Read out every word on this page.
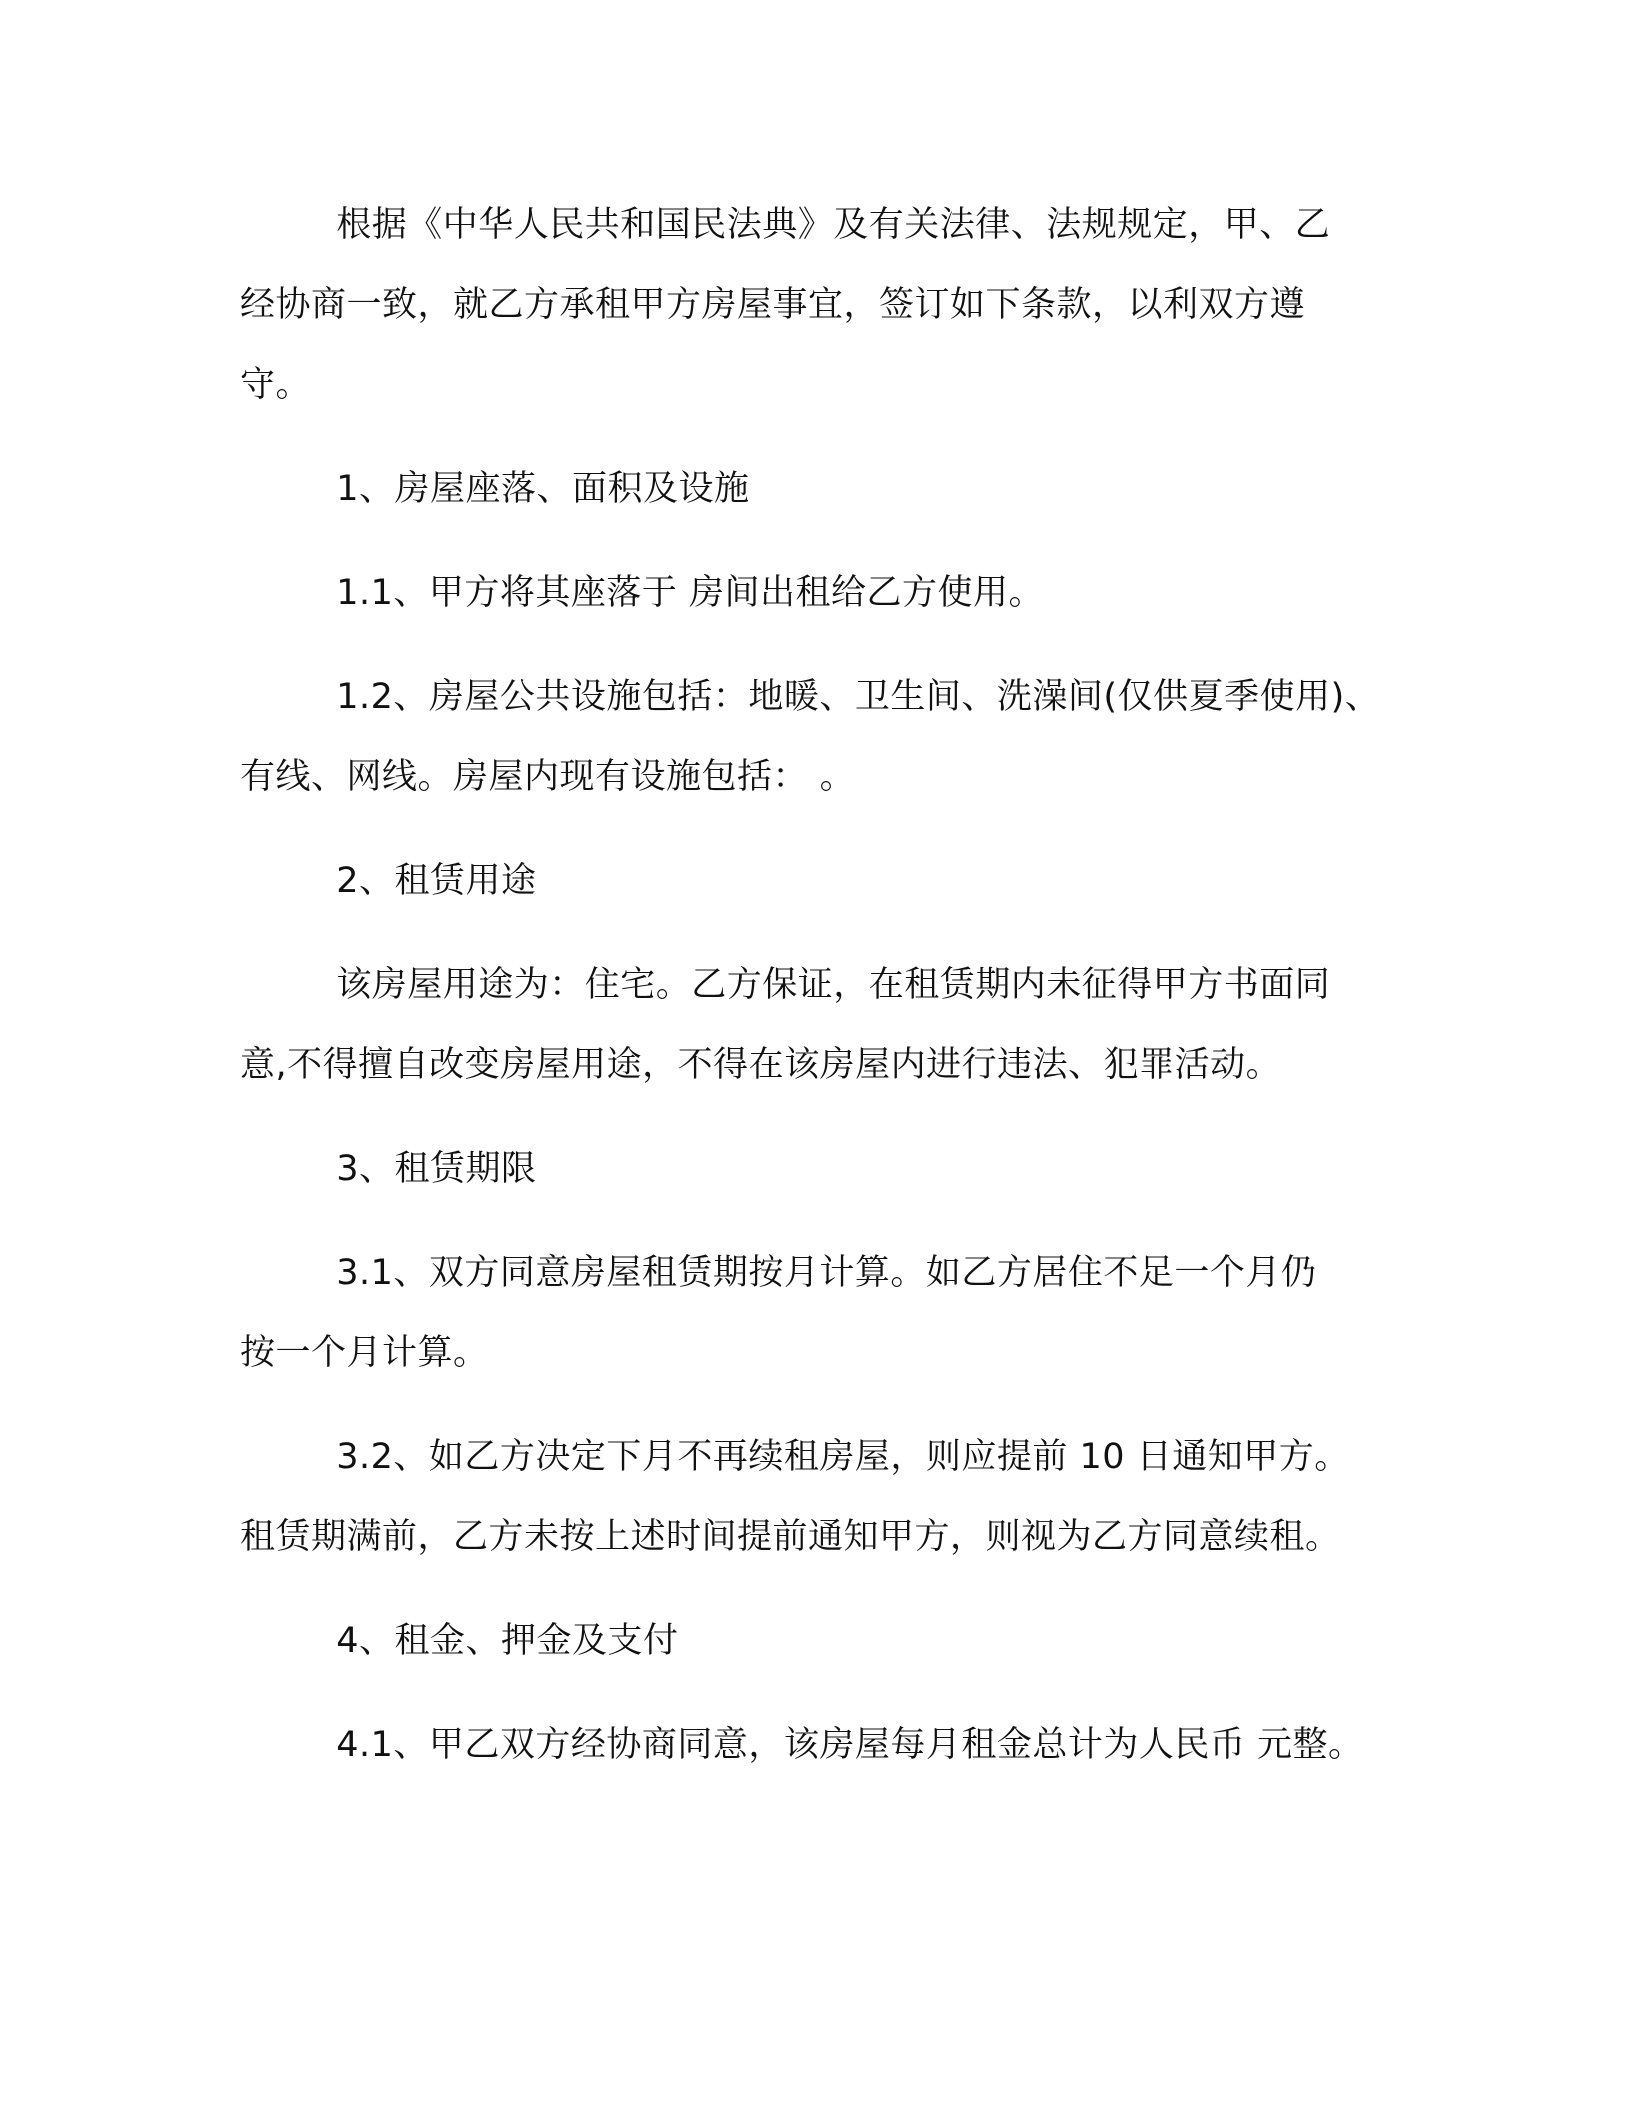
根据《中华人民共和国民法典》及有关法律、法规规定，甲、乙
经协商一致，就乙方承租甲方房屋事宜，签订如下条款，以利双方遵
守。

1、房屋座落、面积及设施

1.1、甲方将其座落于 房间出租给乙方使用。

1.2、房屋公共设施包括：地暖、卫生间、洗澡间(仅供夏季使用)、
有线、网线。房屋内现有设施包括： 。

2、租赁用途

该房屋用途为：住宅。乙方保证，在租赁期内未征得甲方书面同
意,不得擅自改变房屋用途，不得在该房屋内进行违法、犯罪活动。

3、租赁期限

3.1、双方同意房屋租赁期按月计算。如乙方居住不足一个月仍
按一个月计算。

3.2、如乙方决定下月不再续租房屋，则应提前 10 日通知甲方。
租赁期满前，乙方未按上述时间提前通知甲方，则视为乙方同意续租。

4、租金、押金及支付

4.1、甲乙双方经协商同意，该房屋每月租金总计为人民币 元整。
